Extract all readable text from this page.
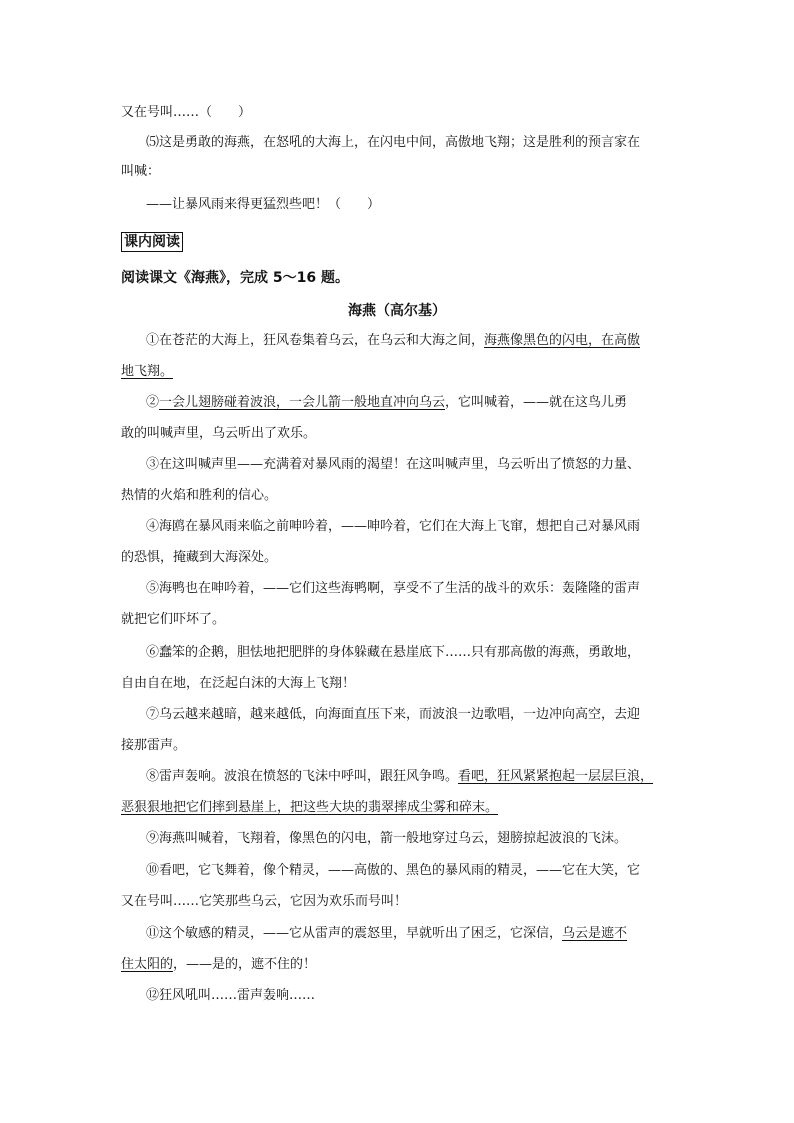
又在号叫……（　　）
⑸这是勇敢的海燕，在怒吼的大海上，在闪电中间，高傲地飞翔；这是胜利的预言家在
叫喊：
——让暴风雨来得更猛烈些吧！（　　）
课内阅读
阅读课文《海燕》，完成 5～16 题。
海燕（高尔基）
①在苍茫的大海上，狂风卷集着乌云，在乌云和大海之间，海燕像黑色的闪电，在高傲
地飞翔。
②一会儿翅膀碰着波浪，一会儿箭一般地直冲向乌云，它叫喊着，——就在这鸟儿勇
敢的叫喊声里，乌云听出了欢乐。
③在这叫喊声里——充满着对暴风雨的渴望！在这叫喊声里，乌云听出了愤怒的力量、
热情的火焰和胜利的信心。
④海鸥在暴风雨来临之前呻吟着，——呻吟着，它们在大海上飞窜，想把自己对暴风雨
的恐惧，掩藏到大海深处。
⑤海鸭也在呻吟着，——它们这些海鸭啊，享受不了生活的战斗的欢乐：轰隆隆的雷声
就把它们吓坏了。
⑥蠢笨的企鹅，胆怯地把肥胖的身体躲藏在悬崖底下……只有那高傲的海燕，勇敢地，
自由自在地，在泛起白沫的大海上飞翔！
⑦乌云越来越暗，越来越低，向海面直压下来，而波浪一边歌唱，一边冲向高空，去迎
接那雷声。
⑧雷声轰响。波浪在愤怒的飞沫中呼叫，跟狂风争鸣。看吧，狂风紧紧抱起一层层巨浪，
恶狠狠地把它们摔到悬崖上，把这些大块的翡翠摔成尘雾和碎末。
⑨海燕叫喊着，飞翔着，像黑色的闪电，箭一般地穿过乌云，翅膀掠起波浪的飞沫。
⑩看吧，它飞舞着，像个精灵，——高傲的、黑色的暴风雨的精灵，——它在大笑，它
又在号叫……它笑那些乌云，它因为欢乐而号叫！
⑪这个敏感的精灵，——它从雷声的震怒里，早就听出了困乏，它深信，乌云是遮不
住太阳的，——是的，遮不住的！
⑫狂风吼叫……雷声轰响……
